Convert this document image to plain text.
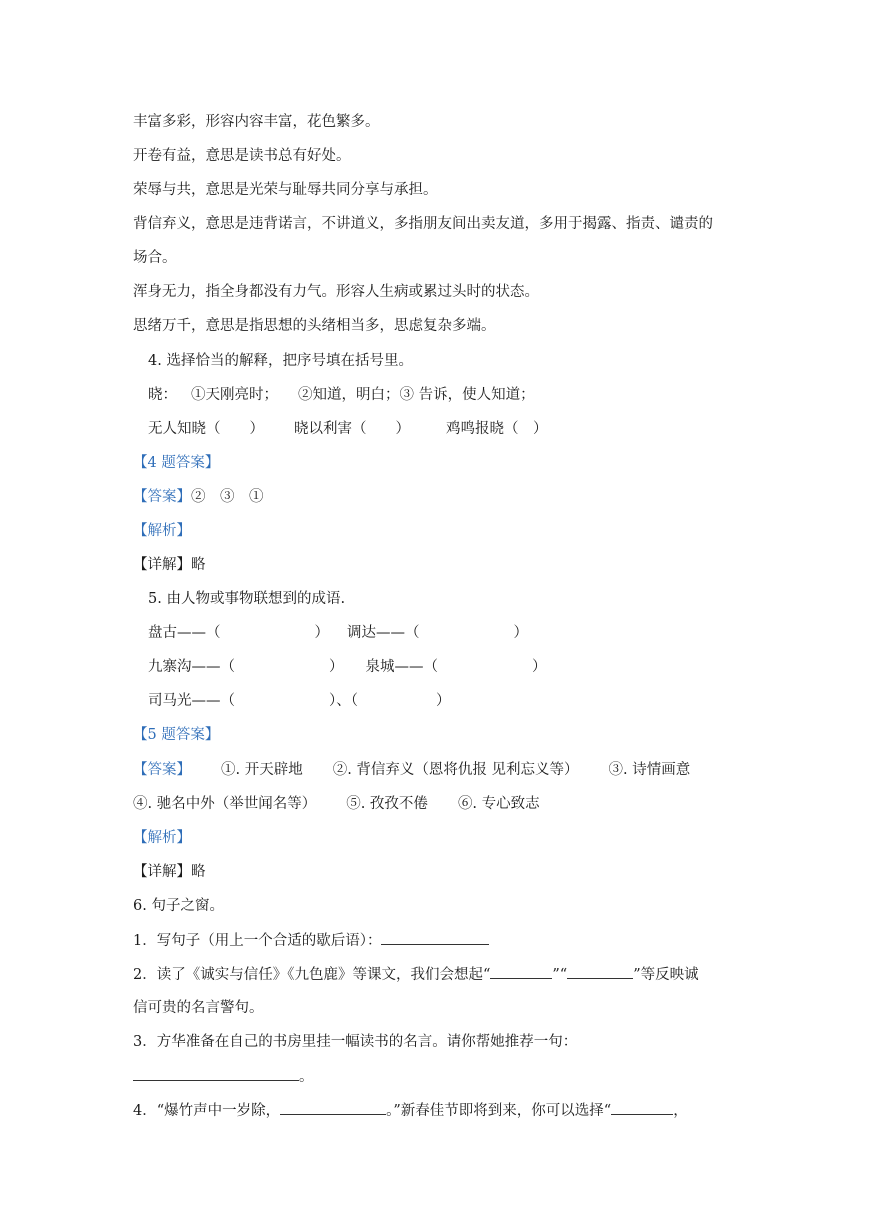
丰富多彩，形容内容丰富，花色繁多。
开卷有益，意思是读书总有好处。
荣辱与共，意思是光荣与耻辱共同分享与承担。
背信弃义，意思是违背诺言，不讲道义，多指朋友间出卖友道，多用于揭露、指责、谴责的
场合。
浑身无力，指全身都没有力气。形容人生病或累过头时的状态。
思绪万千，意思是指思想的头绪相当多，思虑复杂多端。
4. 选择恰当的解释，把序号填在括号里。
晓： ①天刚亮时； ②知道，明白；③ 告诉，使人知道；
无人知晓（　　） 晓以利害（　　） 鸡鸣报晓（　）
【4 题答案】
【答案】②　③　①
【解析】
【详解】略
5. 由人物或事物联想到的成语.
盘古——（	） 调达——（	）
九寨沟——（	） 泉城——（	）
司马光——（	）、（	）
【5 题答案】
【答案】 ①. 开天辟地 ②. 背信弃义（恩将仇报 见利忘义等） ③. 诗情画意
④. 驰名中外（举世闻名等） ⑤. 孜孜不倦 ⑥. 专心致志
【解析】
【详解】略
6. 句子之窗。
1．写句子（用上一个合适的歇后语）：
2．读了《诚实与信任》《九色鹿》等课文，我们会想起“	”“	”等反映诚
信可贵的名言警句。
3．方华准备在自己的书房里挂一幅读书的名言。请你帮她推荐一句：
。
4．“爆竹声中一岁除，	。”新春佳节即将到来，你可以选择“	，
